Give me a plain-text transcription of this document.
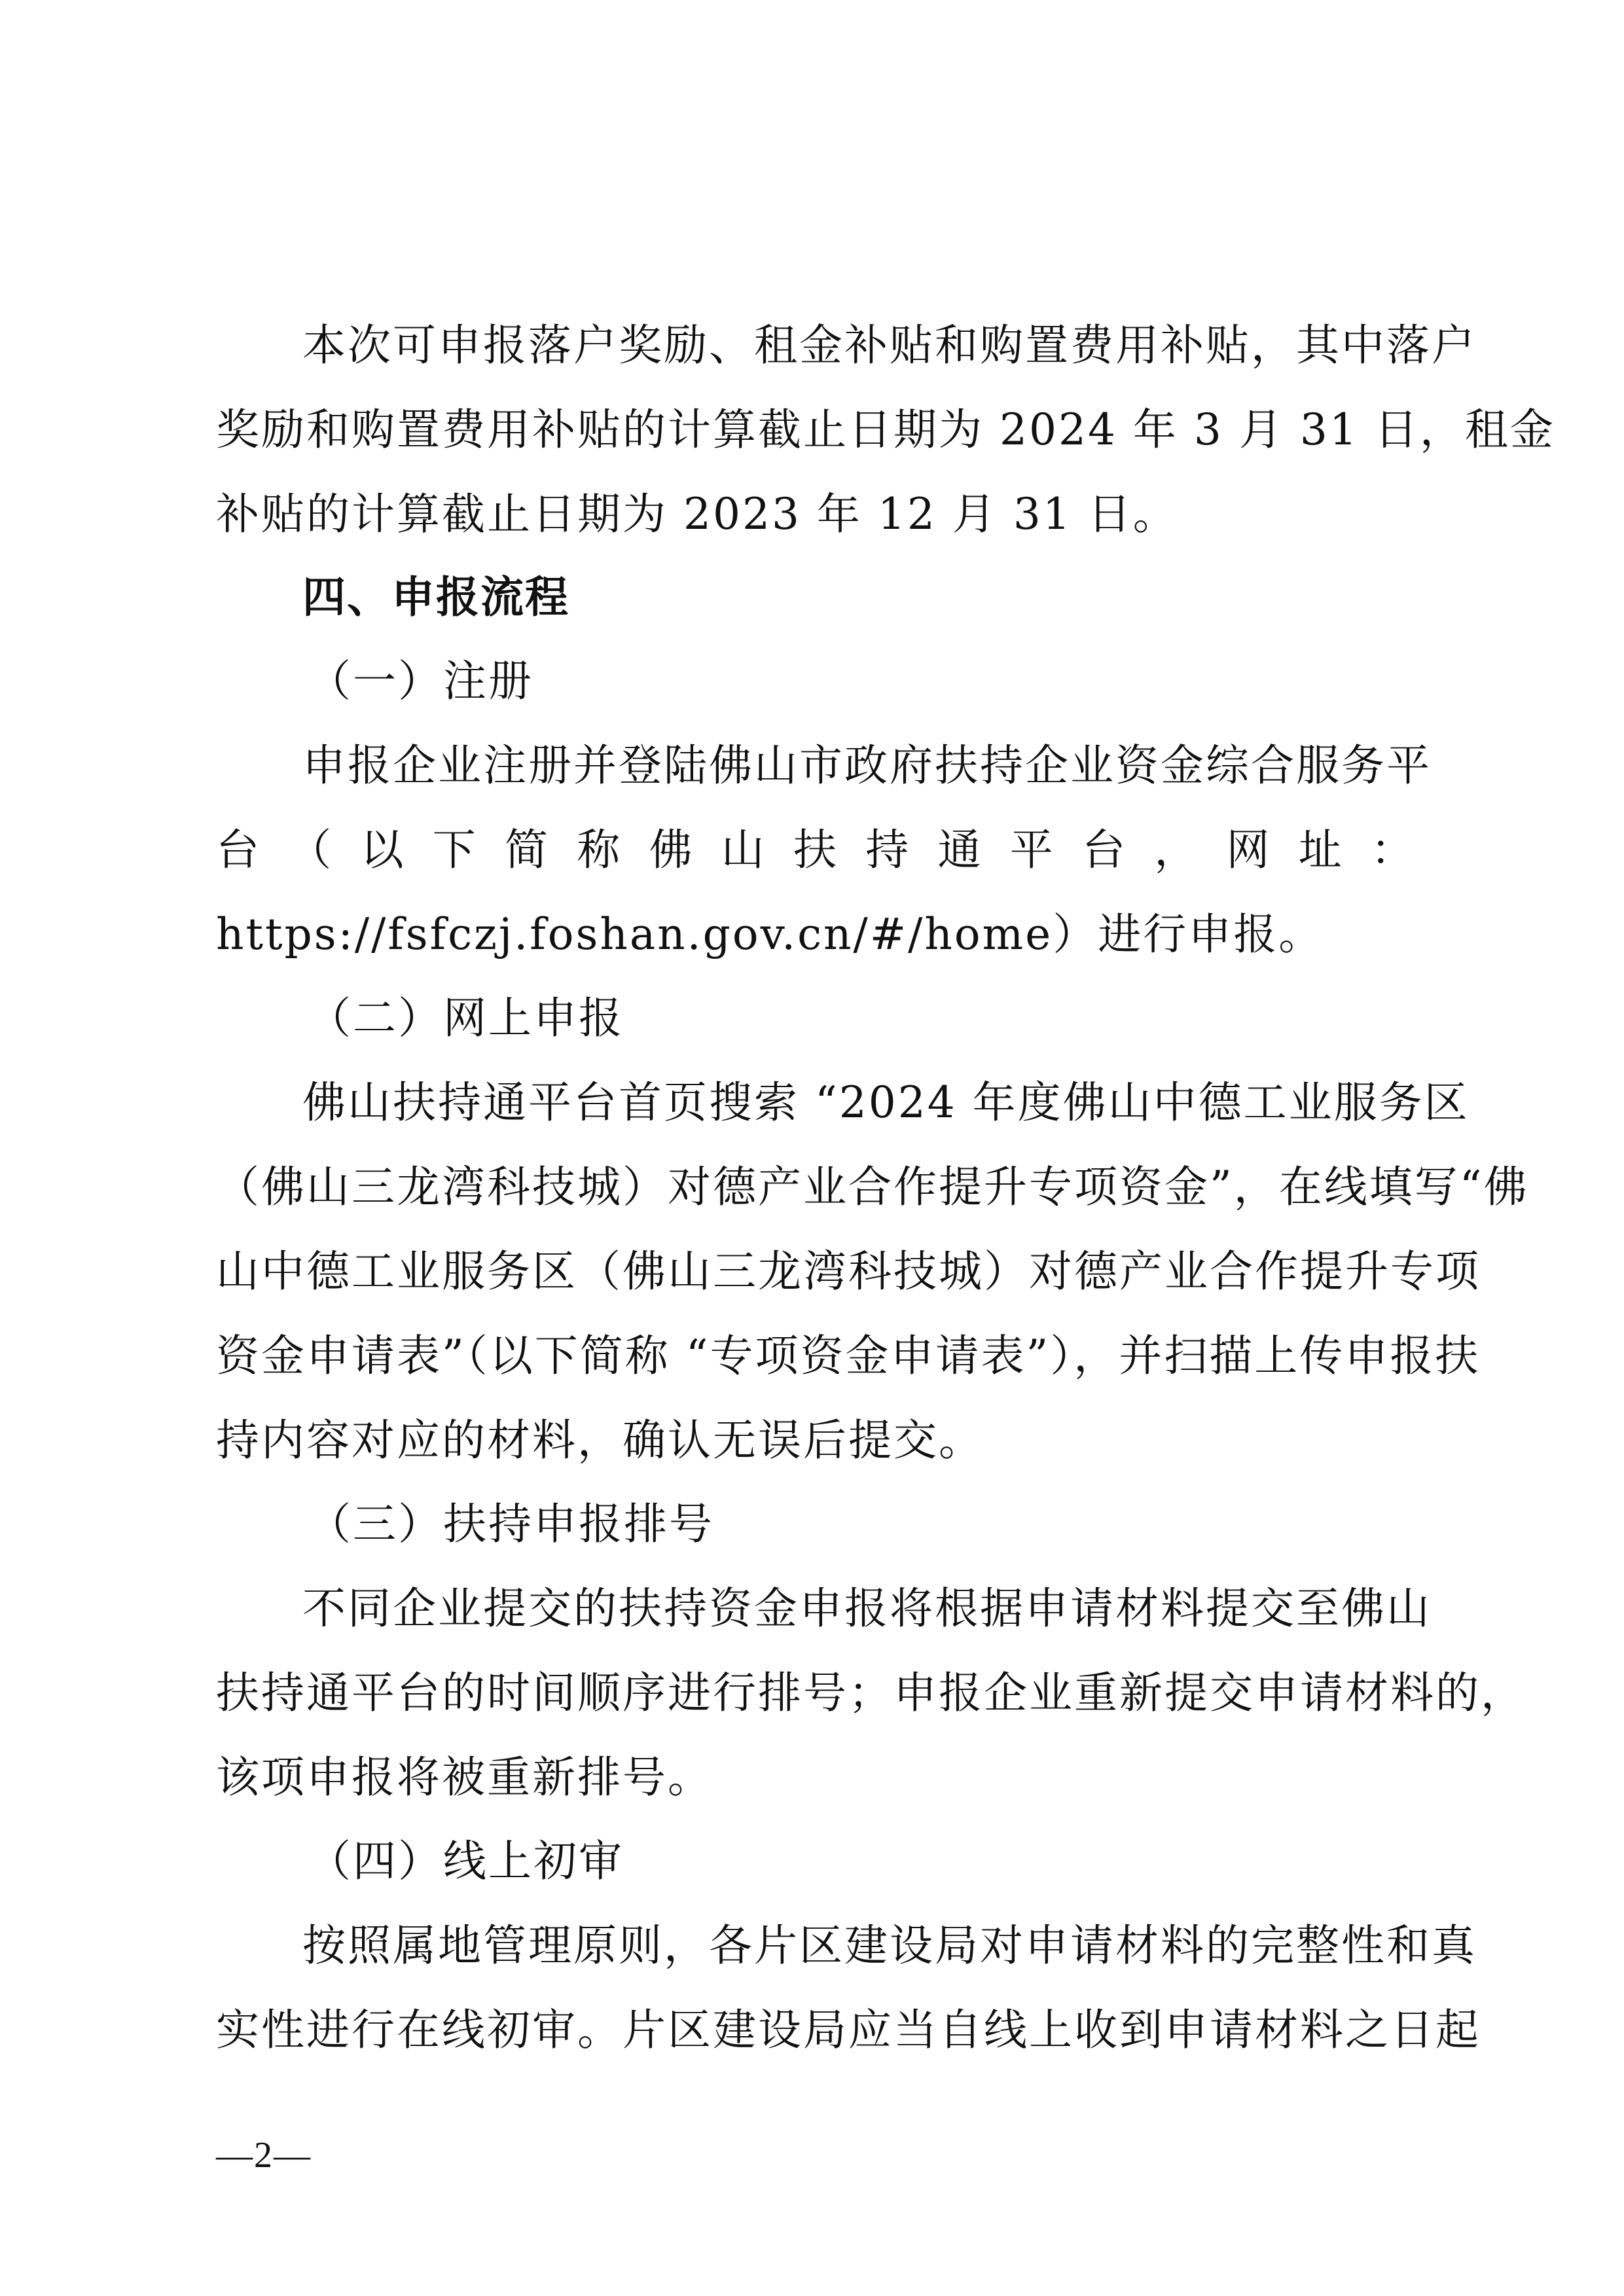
本次可申报落户奖励、租金补贴和购置费用补贴，其中落户
奖励和购置费用补贴的计算截止日期为 2024 年 3 月 31 日，租金
补贴的计算截止日期为 2023 年 12 月 31 日。
四、申报流程
（一）注册
申报企业注册并登陆佛山市政府扶持企业资金综合服务平
台 （ 以 下 简 称 佛 山 扶 持 通 平 台 ， 网 址 ：
https://fsfczj.foshan.gov.cn/#/home）进行申报。
（二）网上申报
佛山扶持通平台首页搜索 “2024 年度佛山中德工业服务区
（佛山三龙湾科技城）对德产业合作提升专项资金”，在线填写“佛
山中德工业服务区（佛山三龙湾科技城）对德产业合作提升专项
资金申请表”（以下简称 “专项资金申请表”），并扫描上传申报扶
持内容对应的材料，确认无误后提交。
（三）扶持申报排号
不同企业提交的扶持资金申报将根据申请材料提交至佛山
扶持通平台的时间顺序进行排号；申报企业重新提交申请材料的，
该项申报将被重新排号。
（四）线上初审
按照属地管理原则，各片区建设局对申请材料的完整性和真
实性进行在线初审。片区建设局应当自线上收到申请材料之日起
—2—
